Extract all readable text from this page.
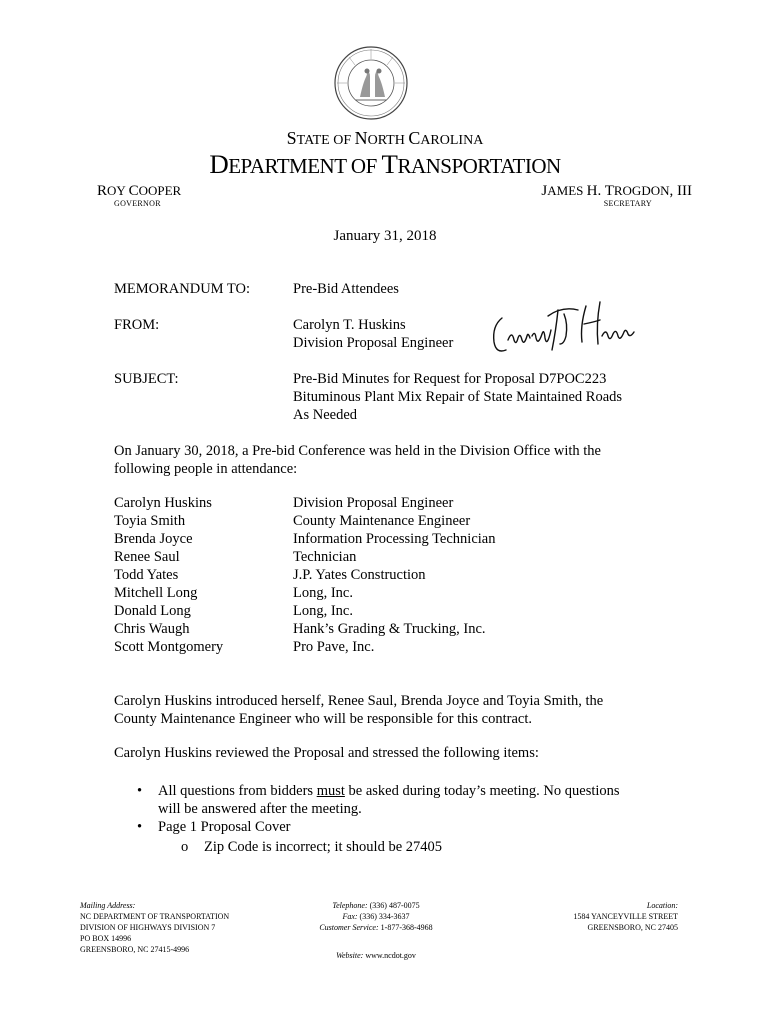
STATE OF NORTH CAROLINA
DEPARTMENT OF TRANSPORTATION
ROY COOPER
GOVERNOR
JAMES H. TROGDON, III
SECRETARY
January 31, 2018
MEMORANDUM TO:	Pre-Bid Attendees
FROM:	Carolyn T. Huskins
Division Proposal Engineer
SUBJECT:	Pre-Bid Minutes for Request for Proposal D7POC223
Bituminous Plant Mix Repair of State Maintained Roads
As Needed
On January 30, 2018, a Pre-bid Conference was held in the Division Office with the
following people in attendance:
Carolyn Huskins	Division Proposal Engineer
Toyia Smith	County Maintenance Engineer
Brenda Joyce	Information Processing Technician
Renee Saul	Technician
Todd Yates	J.P. Yates Construction
Mitchell Long	Long, Inc.
Donald Long	Long, Inc.
Chris Waugh	Hank’s Grading & Trucking, Inc.
Scott Montgomery	Pro Pave, Inc.
Carolyn Huskins introduced herself, Renee Saul, Brenda Joyce and Toyia Smith, the
County Maintenance Engineer who will be responsible for this contract.
Carolyn Huskins reviewed the Proposal and stressed the following items:
• All questions from bidders must be asked during today’s meeting. No questions
will be answered after the meeting.
• Page 1 Proposal Cover
o Zip Code is incorrect; it should be 27405
Mailing Address:
NC DEPARTMENT OF TRANSPORTATION
DIVISION OF HIGHWAYS DIVISION 7
PO BOX 14996
GREENSBORO, NC 27415-4996
Telephone: (336) 487-0075
Fax: (336) 334-3637
Customer Service: 1-877-368-4968
Website: www.ncdot.gov
Location:
1584 YANCEYVILLE STREET
GREENSBORO, NC 27405
